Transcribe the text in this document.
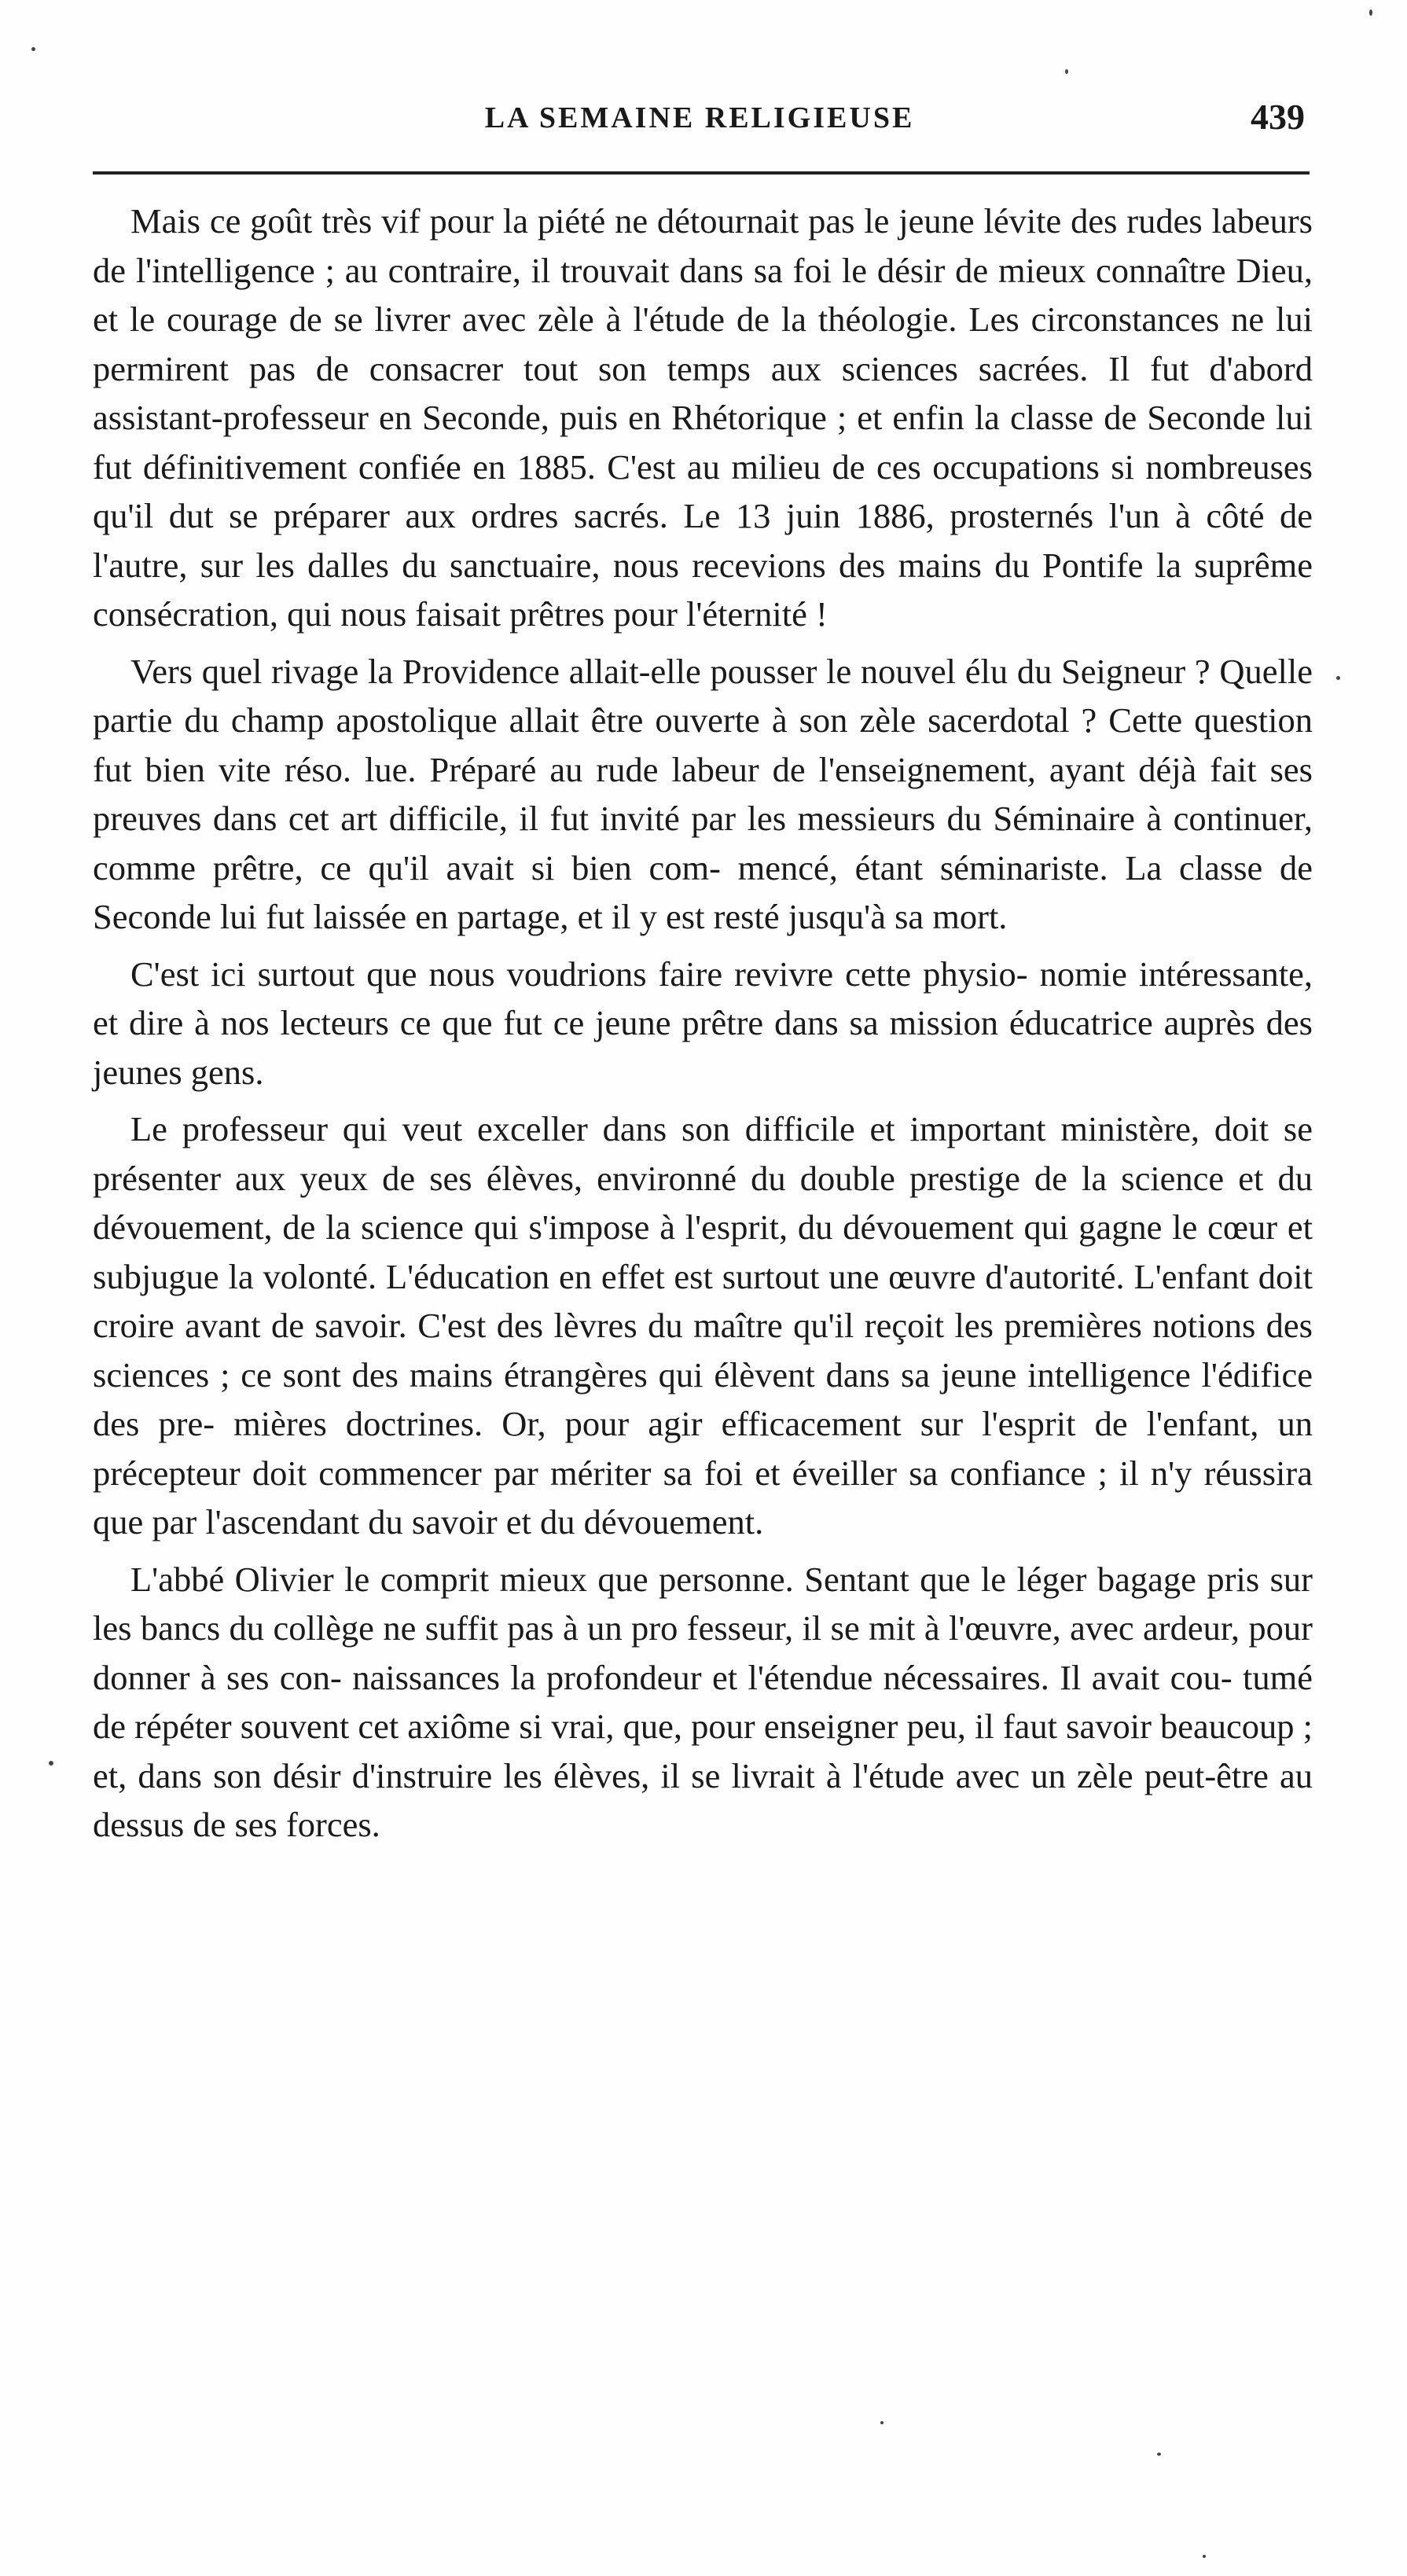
LA SEMAINE RELIGIEUSE	439

Mais ce goût très vif pour la piété ne détournait pas le jeune lévite des rudes labeurs de l'intelligence ; au contraire, il trouvait dans sa foi le désir de mieux connaître Dieu, et le courage de se livrer avec zèle à l'étude de la théologie. Les circonstances ne lui permirent pas de consacrer tout son temps aux sciences sacrées. Il fut d'abord assistant-professeur en Seconde, puis en Rhétorique ; et enfin la classe de Seconde lui fut définitivement confiée en 1885. C'est au milieu de ces occupations si nombreuses qu'il dut se préparer aux ordres sacrés. Le 13 juin 1886, prosternés l'un à côté de l'autre, sur les dalles du sanctuaire, nous recevions des mains du Pontife la suprême consécration, qui nous faisait prêtres pour l'éternité !

Vers quel rivage la Providence allait-elle pousser le nouvel élu du Seigneur ? Quelle partie du champ apostolique allait être ouverte à son zèle sacerdotal ? Cette question fut bien vite réso. lue. Préparé au rude labeur de l'enseignement, ayant déjà fait ses preuves dans cet art difficile, il fut invité par les messieurs du Séminaire à continuer, comme prêtre, ce qu'il avait si bien com- mencé, étant séminariste. La classe de Seconde lui fut laissée en partage, et il y est resté jusqu'à sa mort.

C'est ici surtout que nous voudrions faire revivre cette physio- nomie intéressante, et dire à nos lecteurs ce que fut ce jeune prêtre dans sa mission éducatrice auprès des jeunes gens.

Le professeur qui veut exceller dans son difficile et important ministère, doit se présenter aux yeux de ses élèves, environné du double prestige de la science et du dévouement, de la science qui s'impose à l'esprit, du dévouement qui gagne le cœur et subjugue la volonté. L'éducation en effet est surtout une œuvre d'autorité. L'enfant doit croire avant de savoir. C'est des lèvres du maître qu'il reçoit les premières notions des sciences ; ce sont des mains étrangères qui élèvent dans sa jeune intelligence l'édifice des pre- mières doctrines. Or, pour agir efficacement sur l'esprit de l'enfant, un précepteur doit commencer par mériter sa foi et éveiller sa confiance ; il n'y réussira que par l'ascendant du savoir et du dévouement.

L'abbé Olivier le comprit mieux que personne. Sentant que le léger bagage pris sur les bancs du collège ne suffit pas à un pro fesseur, il se mit à l'œuvre, avec ardeur, pour donner à ses con- naissances la profondeur et l'étendue nécessaires. Il avait cou- tumé de répéter souvent cet axiôme si vrai, que, pour enseigner peu, il faut savoir beaucoup ; et, dans son désir d'instruire les élèves, il se livrait à l'étude avec un zèle peut-être au dessus de ses forces.
